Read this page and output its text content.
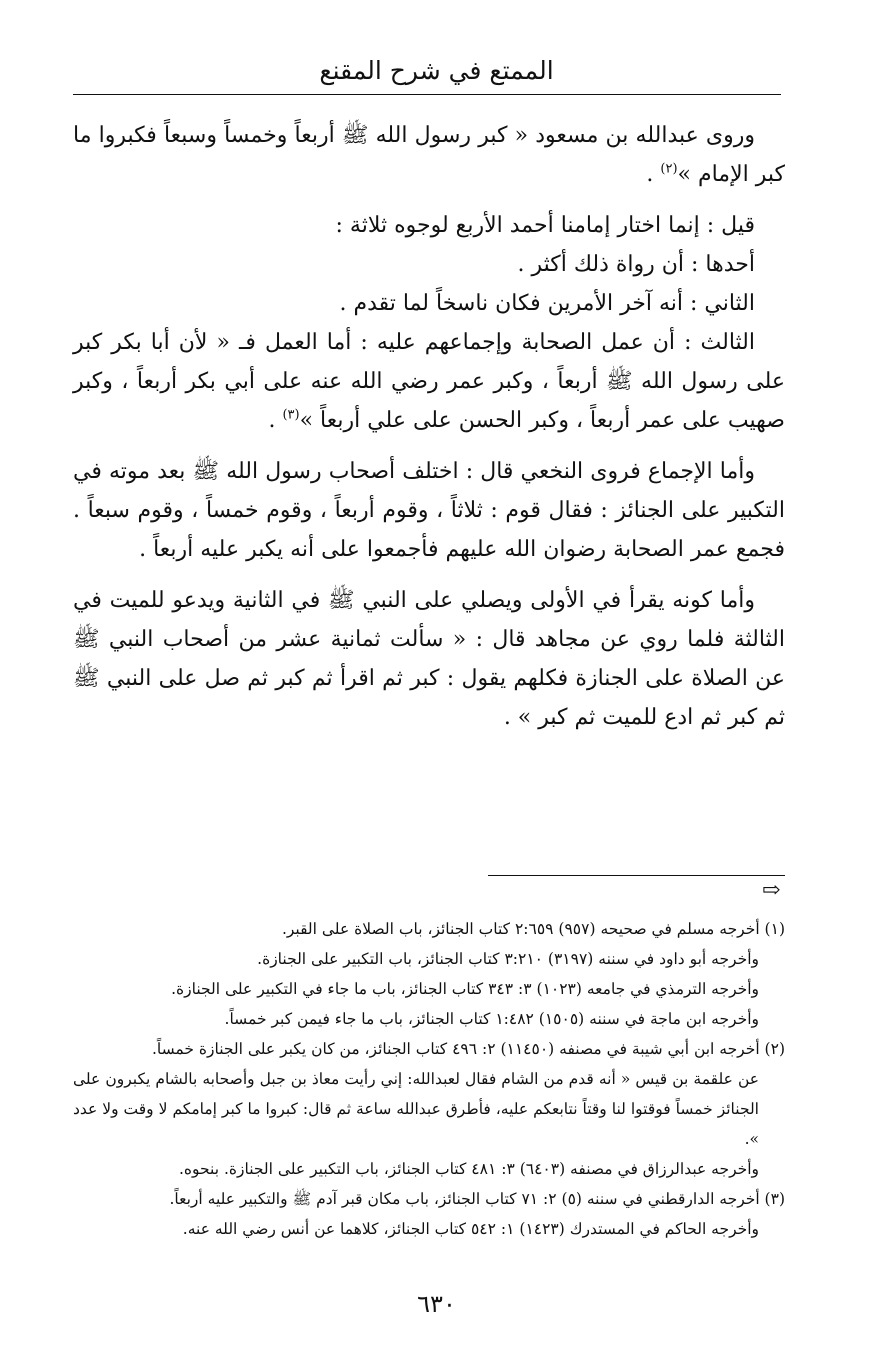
الممتع في شرح المقنع

وروى عبدالله بن مسعود « كبر رسول الله ﷺ أربعاً وخمساً وسبعاً فكبروا ما كبر الإمام »$^{(٢)}$ .

قيل : إنما اختار إمامنا أحمد الأربع لوجوه ثلاثة :

أحدها : أن رواة ذلك أكثر .

الثاني : أنه آخر الأمرين فكان ناسخاً لما تقدم .

الثالث : أن عمل الصحابة وإجماعهم عليه : أما العمل فـ « لأن أبا بكر كبر على رسول الله ﷺ أربعاً ، وكبر عمر رضي الله عنه على أبي بكر أربعاً ، وكبر صهيب على عمر أربعاً ، وكبر الحسن على علي أربعاً »$^{(٣)}$ .

وأما الإجماع فروى النخعي قال : اختلف أصحاب رسول الله ﷺ بعد موته في التكبير على الجنائز : فقال قوم : ثلاثاً ، وقوم أربعاً ، وقوم خمساً ، وقوم سبعاً . فجمع عمر الصحابة رضوان الله عليهم فأجمعوا على أنه يكبر عليه أربعاً .

وأما كونه يقرأ في الأولى ويصلي على النبي ﷺ في الثانية ويدعو للميت في الثالثة فلما روي عن مجاهد قال : « سألت ثمانية عشر من أصحاب النبي ﷺ عن الصلاة على الجنازة فكلهم يقول : كبر ثم اقرأ ثم كبر ثم صل على النبي ﷺ ثم كبر ثم ادع للميت ثم كبر » .

⇨

(١) أخرجه مسلم في صحيحه (٩٥٧) ٢:٦٥٩ كتاب الجنائز، باب الصلاة على القبر.

وأخرجه أبو داود في سننه (٣١٩٧) ٣:٢١٠ كتاب الجنائز، باب التكبير على الجنازة.

وأخرجه الترمذي في جامعه (١٠٢٣) ٣: ٣٤٣ كتاب الجنائز، باب ما جاء في التكبير على الجنازة.

وأخرجه ابن ماجة في سننه (١٥٠٥) ١:٤٨٢ كتاب الجنائز، باب ما جاء فيمن كبر خمساً.

(٢) أخرجه ابن أبي شيبة في مصنفه (١١٤٥٠) ٢: ٤٩٦ كتاب الجنائز، من كان يكبر على الجنازة خمساً.

عن علقمة بن قيس « أنه قدم من الشام فقال لعبدالله: إني رأيت معاذ بن جبل وأصحابه بالشام يكبرون على الجنائز خمساً فوقتوا لنا وقتاً نتابعكم عليه، فأطرق عبدالله ساعة ثم قال: كبروا ما كبر إمامكم لا وقت ولا عدد ».

وأخرجه عبدالرزاق في مصنفه (٦٤٠٣) ٣: ٤٨١ كتاب الجنائز، باب التكبير على الجنازة. بنحوه.

(٣) أخرجه الدارقطني في سننه (٥) ٢: ٧١ كتاب الجنائز، باب مكان قبر آدم ﷺ والتكبير عليه أربعاً.

وأخرجه الحاكم في المستدرك (١٤٢٣) ١: ٥٤٢ كتاب الجنائز، كلاهما عن أنس رضي الله عنه.

٦٣٠
